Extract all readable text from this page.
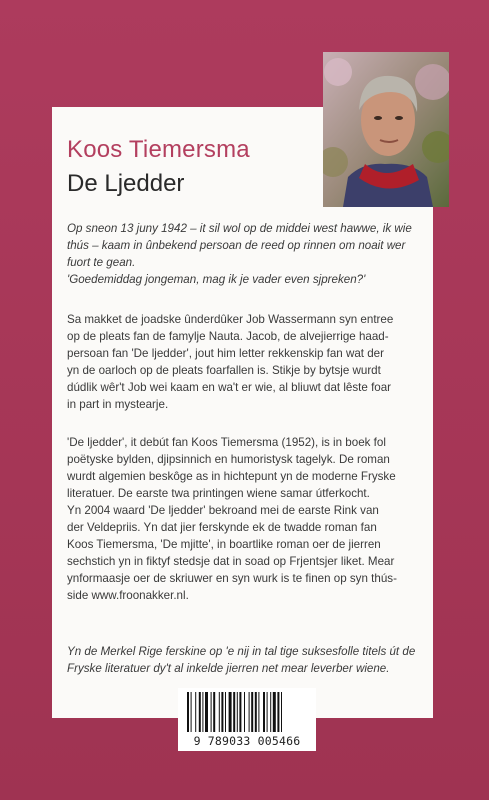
Koos Tiemersma
De Ljedder

Op sneon 13 juny 1942 – it sil wol op de middei west hawwe, ik wie

thús – kaam in ûnbekend persoan de reed op rinnen om noait wer

fuort te gean.

'Goedemiddag jongeman, mag ik je vader even sjpreken?'

Sa makket de joadske ûnderdûker Job Wassermann syn entree

op de pleats fan de famylje Nauta. Jacob, de alvejierrige haad-

persoan fan 'De ljedder', jout him letter rekkenskip fan wat der

yn de oarloch op de pleats foarfallen is. Stikje by bytsje wurdt

dúdlik wêr't Job wei kaam en wa't er wie, al bliuwt dat lêste foar

in part in mystearje.

'De ljedder', it debút fan Koos Tiemersma (1952), is in boek fol

poëtyske bylden, djipsinnich en humoristysk tagelyk. De roman

wurdt algemien beskôge as in hichtepunt yn de moderne Fryske

literatuer. De earste twa printingen wiene samar útferkocht.

Yn 2004 waard 'De ljedder' bekroand mei de earste Rink van

der Veldepriis. Yn dat jier ferskynde ek de twadde roman fan

Koos Tiemersma, 'De mjitte', in boartlike roman oer de jierren

sechstich yn in fiktyf stedsje dat in soad op Frjentsjer liket. Mear

ynformaasje oer de skriuwer en syn wurk is te finen op syn thús-

side www.froonakker.nl.

Yn de Merkel Rige ferskine op 'e nij in tal tige suksesfolle titels út de

Fryske literatuer dy't al inkelde jierren net mear leverber wiene.

9 789033 005466
